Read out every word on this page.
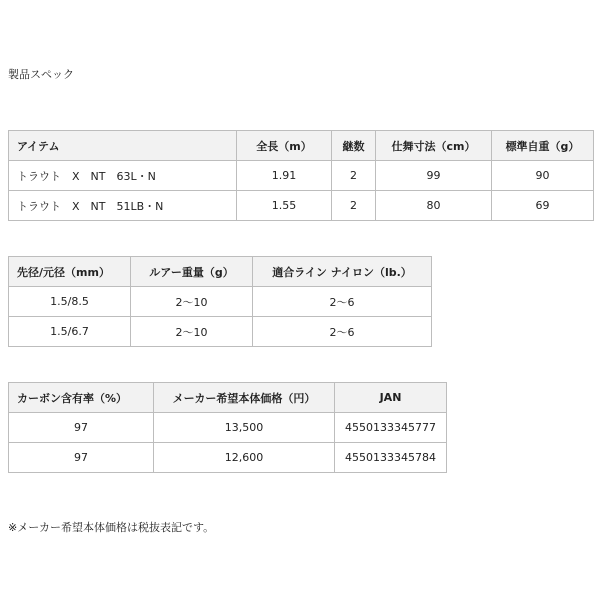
製品スペック

アイテム	全長（m）	継数	仕舞寸法（cm）	標準自重（g）
トラウト　X　NT　63L・N	1.91	2	99	90
トラウト　X　NT　51LB・N	1.55	2	80	69
先径/元径（mm）	ルアー重量（g）	適合ライン ナイロン（lb.）
1.5/8.5	2〜10	2〜6
1.5/6.7	2〜10	2〜6
カーボン含有率（%）	メーカー希望本体価格（円）	JAN
97	13,500	4550133345777
97	12,600	4550133345784

※メーカー希望本体価格は税抜表記です。
